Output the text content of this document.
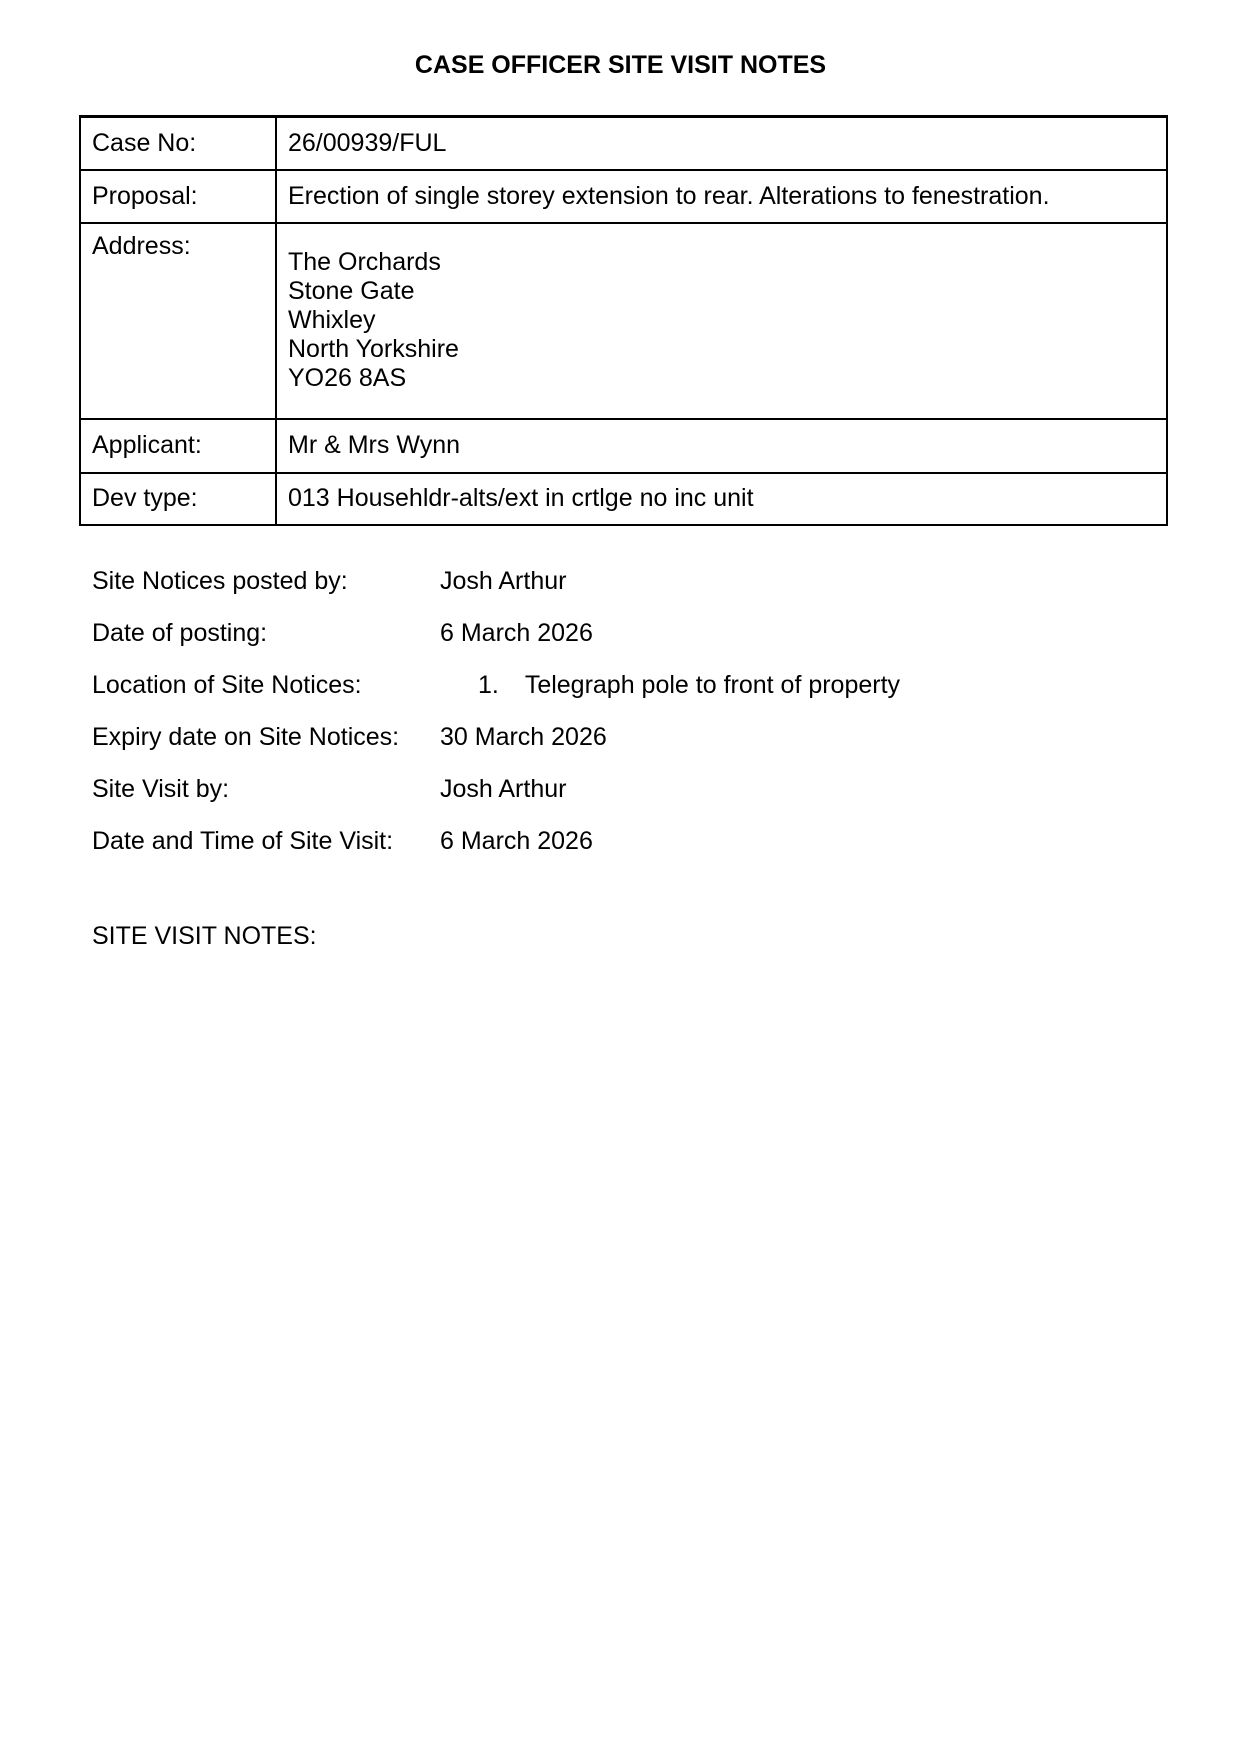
CASE OFFICER SITE VISIT NOTES
Case No:	26/00939/FUL
Proposal:	Erection of single storey extension to rear. Alterations to fenestration.
Address:	The Orchards
Stone Gate
Whixley
North Yorkshire
YO26 8AS

Applicant:	Mr & Mrs Wynn
Dev type:	013 Househldr-alts/ext in crtlge no inc unit
Site Notices posted by:	Josh Arthur
Date of posting:	6 March 2026
Location of Site Notices:	1. Telegraph pole to front of property
Expiry date on Site Notices:	30 March 2026
Site Visit by:	Josh Arthur
Date and Time of Site Visit:	6 March 2026
SITE VISIT NOTES:
